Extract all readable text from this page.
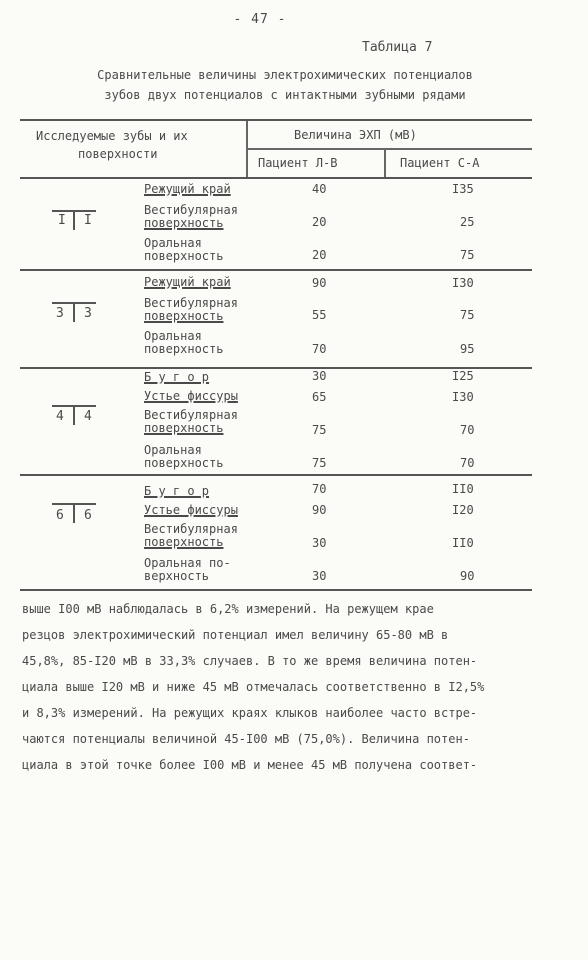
- 47 -
Таблица 7
Сравнительные величины электрохимических потенциалов
зубов двух потенциалов с интактными зубными рядами
Исследуемые зубы и их
поверхности
Величина ЭХП (мВ)
Пациент Л-В	Пациент С-А
I I
Режущий край	40	I35
Вестибулярная
поверхность	20	25
Оральная
поверхность	20	75
3 3
Режущий край	90	I30
Вестибулярная
поверхность	55	75
Оральная
поверхность	70	95
4 4
Б у г о р	30	I25
Устье фиссуры	65	I30
Вестибулярная
поверхность	75	70
Оральная
поверхность	75	70
6 6
Б у г о р	70	II0
Устье фиссуры	90	I20
Вестибулярная
поверхность	30	II0
Оральная по-
верхность	30	90

выше I00 мВ наблюдалась в 6,2% измерений. На режущем крае

резцов электрохимический потенциал имел величину 65-80 мВ в

45,8%, 85-I20 мВ в 33,3% случаев. В то же время величина потен-

циала выше I20 мВ и ниже 45 мВ отмечалась соответственно в I2,5%

и 8,3% измерений. На режущих краях клыков наиболее часто встре-

чаются потенциалы величиной 45-I00 мВ (75,0%). Величина потен-

циала в этой точке более I00 мВ и менее 45 мВ получена соответ-
